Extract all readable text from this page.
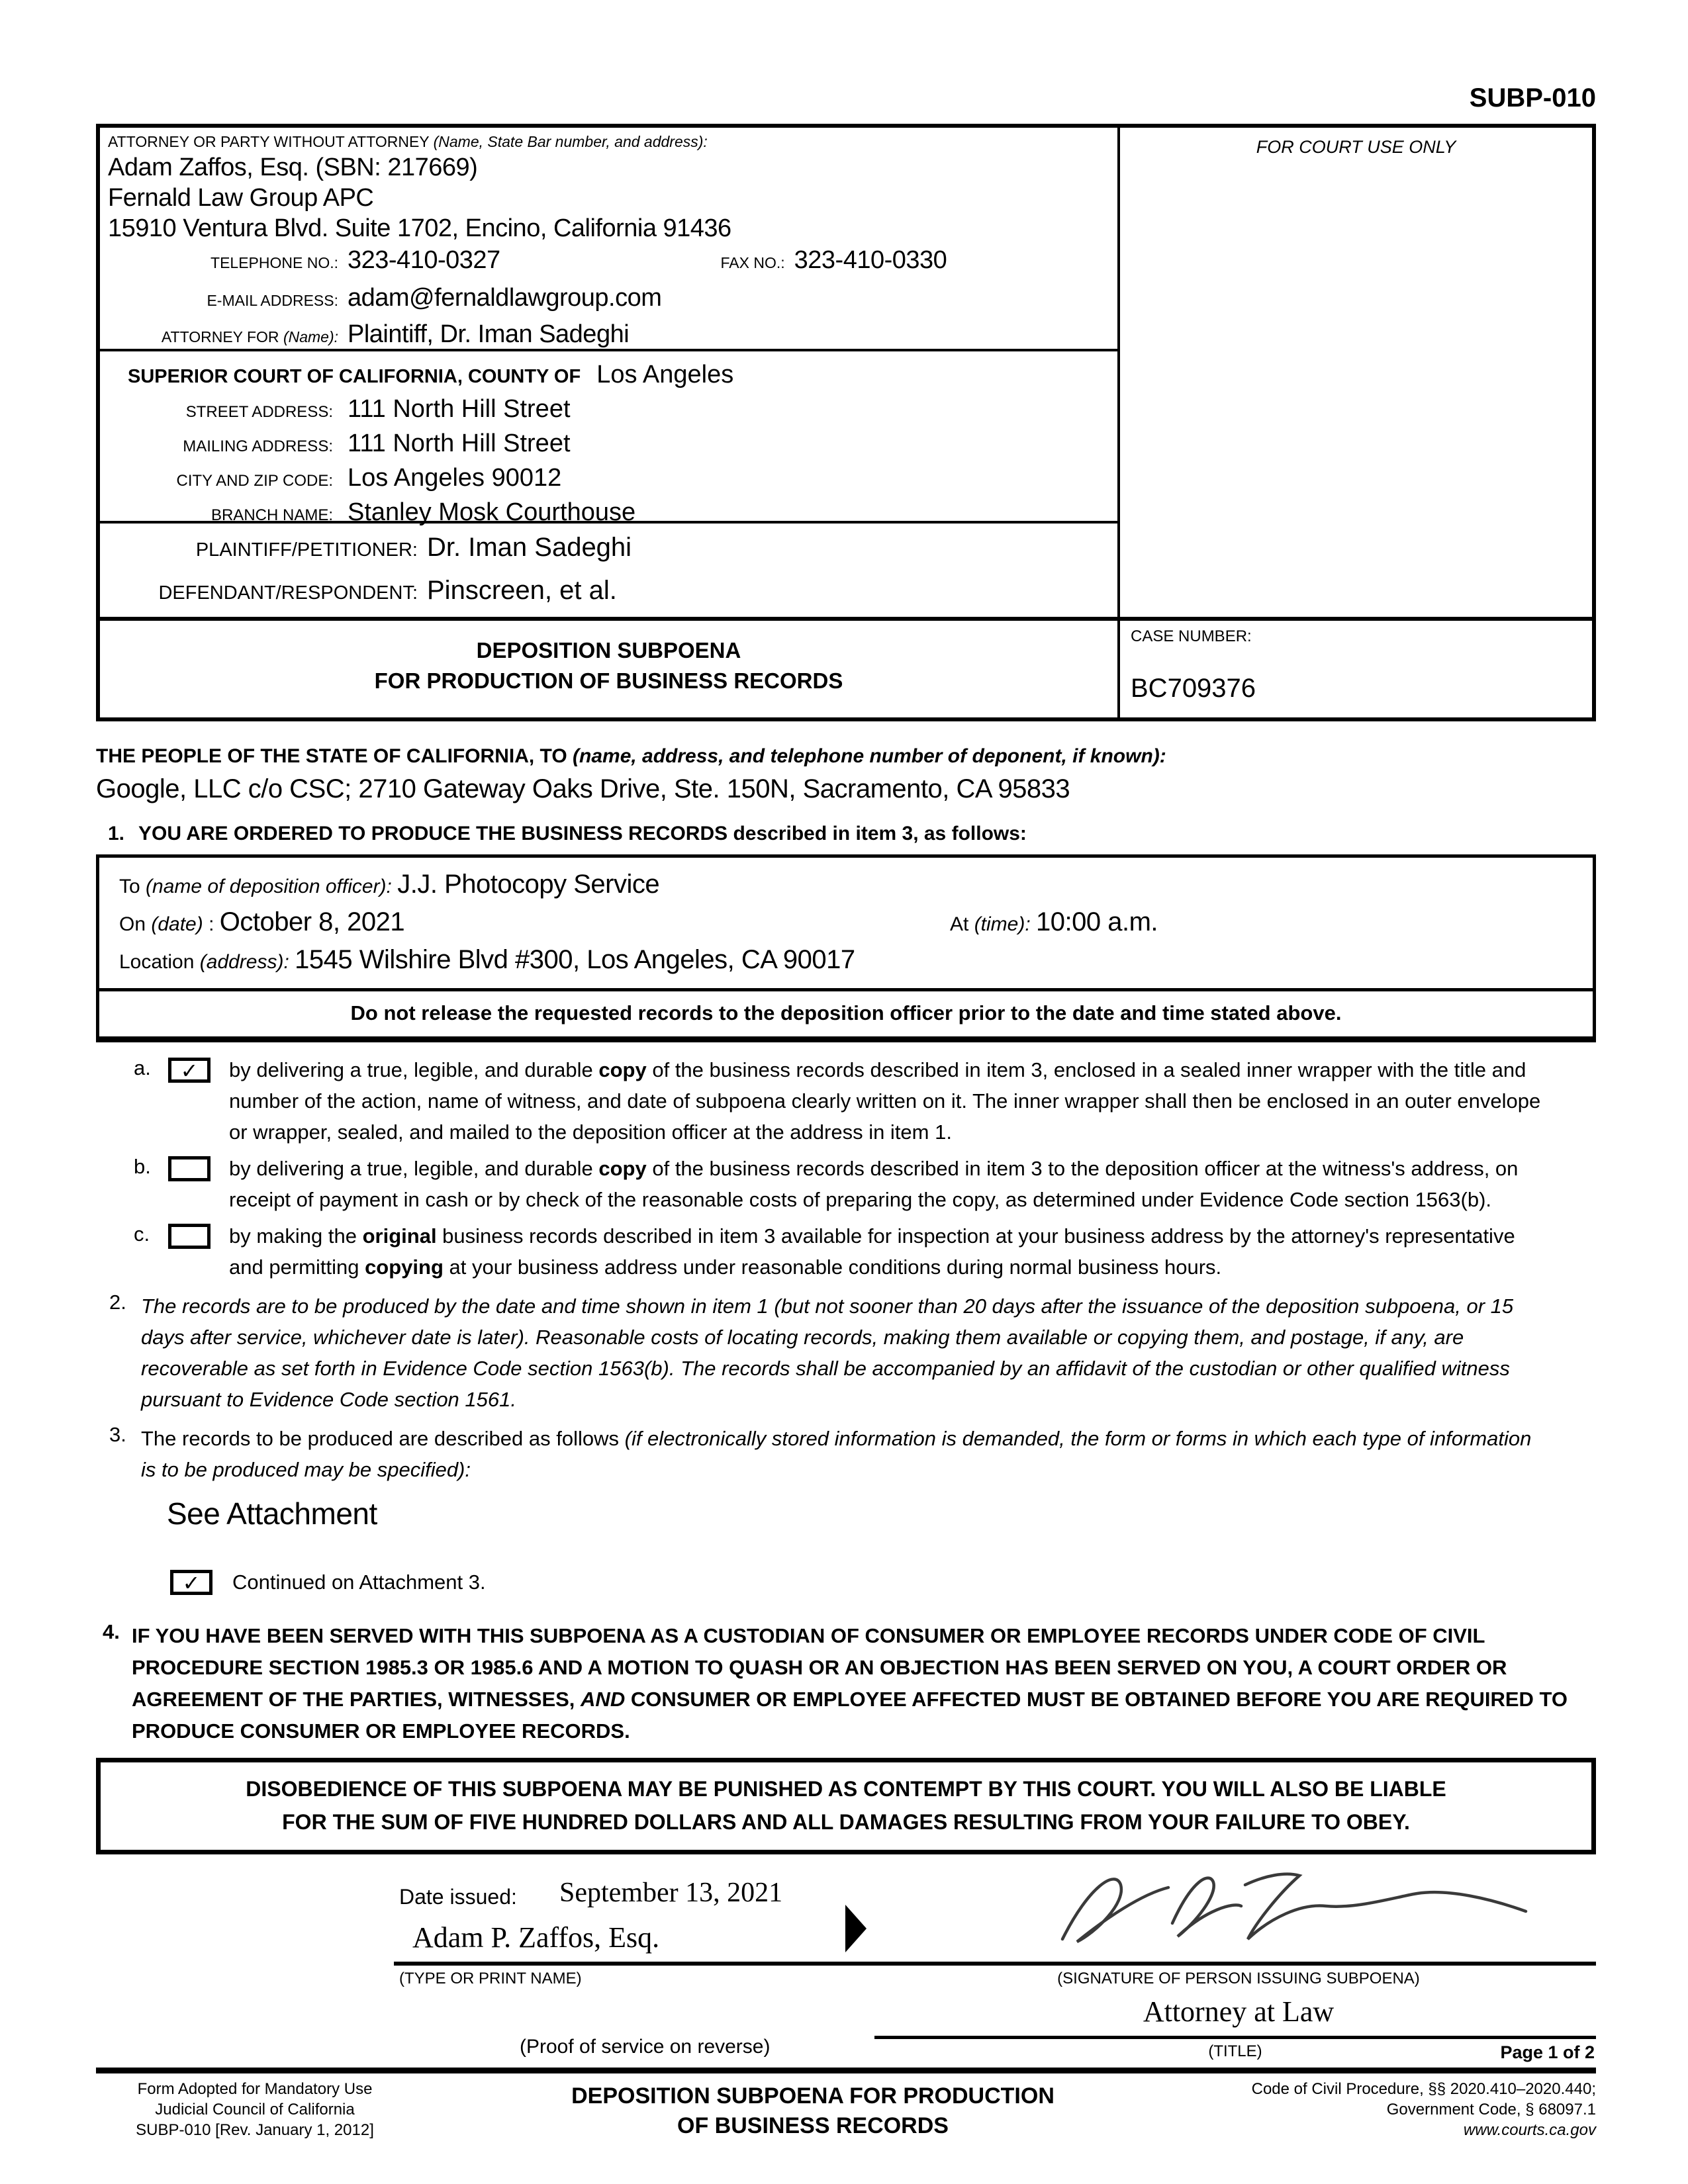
SUBP-010
ATTORNEY OR PARTY WITHOUT ATTORNEY (Name, State Bar number, and address):
Adam Zaffos, Esq. (SBN: 217669)
Fernald Law Group APC
15910 Ventura Blvd. Suite 1702, Encino, California 91436
TELEPHONE NO.: 323-410-0327	FAX NO.: 323-410-0330
E-MAIL ADDRESS: adam@fernaldlawgroup.com
ATTORNEY FOR (Name): Plaintiff, Dr. Iman Sadeghi
SUPERIOR COURT OF CALIFORNIA, COUNTY OF Los Angeles
STREET ADDRESS: 111 North Hill Street
MAILING ADDRESS: 111 North Hill Street
CITY AND ZIP CODE: Los Angeles 90012
BRANCH NAME: Stanley Mosk Courthouse
PLAINTIFF/PETITIONER: Dr. Iman Sadeghi
DEFENDANT/RESPONDENT: Pinscreen, et al.
FOR COURT USE ONLY
DEPOSITION SUBPOENA
FOR PRODUCTION OF BUSINESS RECORDS
CASE NUMBER:
BC709376
THE PEOPLE OF THE STATE OF CALIFORNIA, TO (name, address, and telephone number of deponent, if known):
Google, LLC c/o CSC; 2710 Gateway Oaks Drive, Ste. 150N, Sacramento, CA 95833
1. YOU ARE ORDERED TO PRODUCE THE BUSINESS RECORDS described in item 3, as follows:
To (name of deposition officer): J.J. Photocopy Service
On (date) : October 8, 2021	At (time): 10:00 a.m.
Location (address): 1545 Wilshire Blvd #300, Los Angeles, CA 90017
Do not release the requested records to the deposition officer prior to the date and time stated above.
a.	✓	by delivering a true, legible, and durable copy of the business records described in item 3, enclosed in a sealed inner wrapper with the title and number of the action, name of witness, and date of subpoena clearly written on it. The inner wrapper shall then be enclosed in an outer envelope or wrapper, sealed, and mailed to the deposition officer at the address in item 1.
b.	by delivering a true, legible, and durable copy of the business records described in item 3 to the deposition officer at the witness's address, on receipt of payment in cash or by check of the reasonable costs of preparing the copy, as determined under Evidence Code section 1563(b).
c.	by making the original business records described in item 3 available for inspection at your business address by the attorney's representative and permitting copying at your business address under reasonable conditions during normal business hours.
2. The records are to be produced by the date and time shown in item 1 (but not sooner than 20 days after the issuance of the deposition subpoena, or 15 days after service, whichever date is later). Reasonable costs of locating records, making them available or copying them, and postage, if any, are recoverable as set forth in Evidence Code section 1563(b). The records shall be accompanied by an affidavit of the custodian or other qualified witness pursuant to Evidence Code section 1561.
3. The records to be produced are described as follows (if electronically stored information is demanded, the form or forms in which each type of information is to be produced may be specified):
See Attachment
✓	Continued on Attachment 3.
4. IF YOU HAVE BEEN SERVED WITH THIS SUBPOENA AS A CUSTODIAN OF CONSUMER OR EMPLOYEE RECORDS UNDER CODE OF CIVIL PROCEDURE SECTION 1985.3 OR 1985.6 AND A MOTION TO QUASH OR AN OBJECTION HAS BEEN SERVED ON YOU, A COURT ORDER OR AGREEMENT OF THE PARTIES, WITNESSES, AND CONSUMER OR EMPLOYEE AFFECTED MUST BE OBTAINED BEFORE YOU ARE REQUIRED TO PRODUCE CONSUMER OR EMPLOYEE RECORDS.
DISOBEDIENCE OF THIS SUBPOENA MAY BE PUNISHED AS CONTEMPT BY THIS COURT. YOU WILL ALSO BE LIABLE
FOR THE SUM OF FIVE HUNDRED DOLLARS AND ALL DAMAGES RESULTING FROM YOUR FAILURE TO OBEY.
Date issued: September 13, 2021
Adam P. Zaffos, Esq.
(TYPE OR PRINT NAME)	(SIGNATURE OF PERSON ISSUING SUBPOENA)
Attorney at Law
(TITLE)
(Proof of service on reverse)	Page 1 of 2
Form Adopted for Mandatory Use
Judicial Council of California
SUBP-010 [Rev. January 1, 2012]
DEPOSITION SUBPOENA FOR PRODUCTION
OF BUSINESS RECORDS
Code of Civil Procedure, §§ 2020.410–2020.440;
Government Code, § 68097.1
www.courts.ca.gov
